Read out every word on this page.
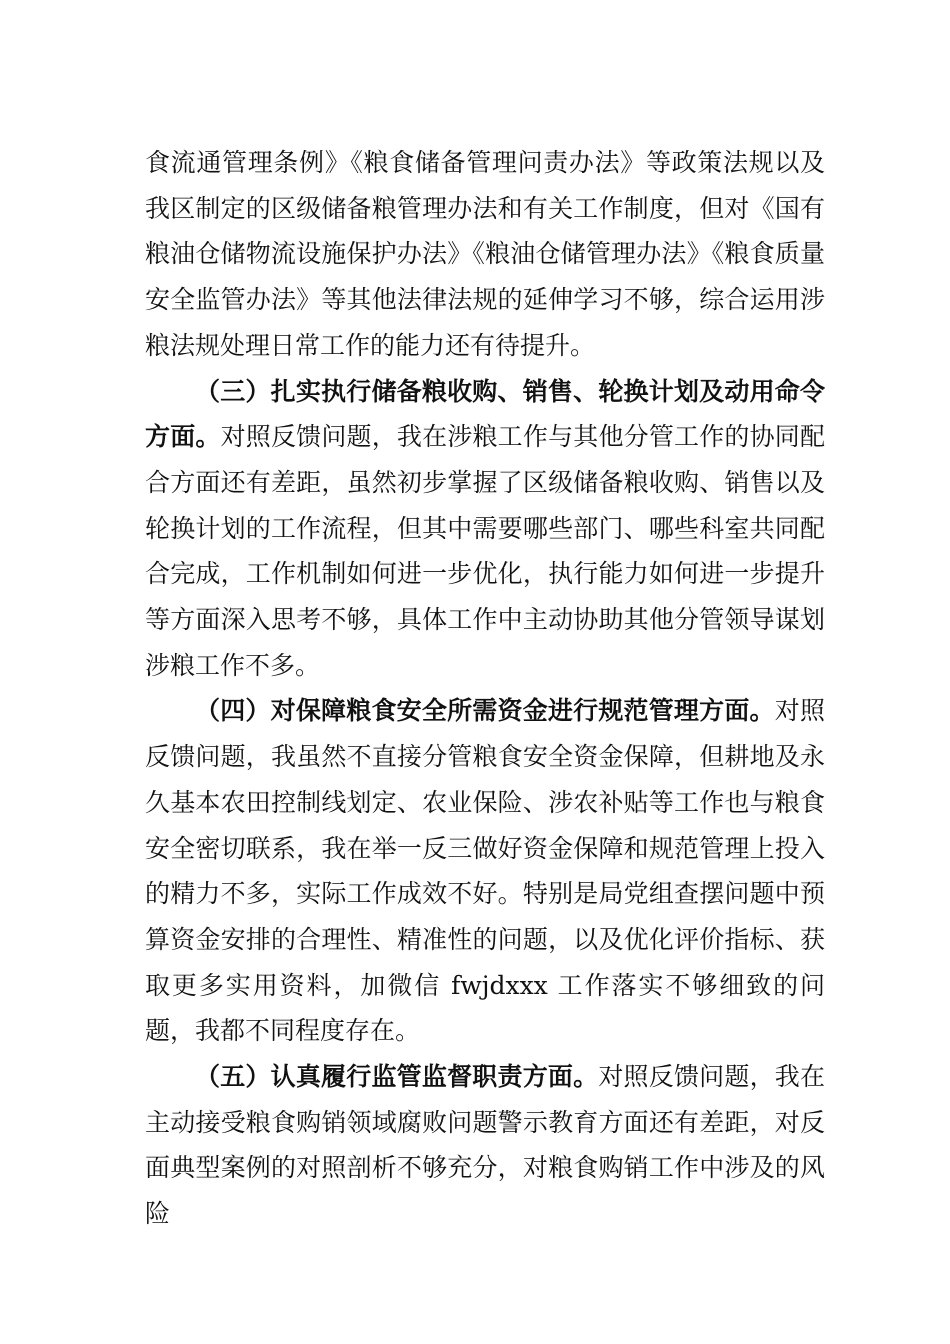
食流通管理条例》《粮食储备管理问责办法》等政策法规以及我区制定的区级储备粮管理办法和有关工作制度，但对《国有粮油仓储物流设施保护办法》《粮油仓储管理办法》《粮食质量安全监管办法》等其他法律法规的延伸学习不够，综合运用涉粮法规处理日常工作的能力还有待提升。

（三）扎实执行储备粮收购、销售、轮换计划及动用命令方面。对照反馈问题，我在涉粮工作与其他分管工作的协同配合方面还有差距，虽然初步掌握了区级储备粮收购、销售以及轮换计划的工作流程，但其中需要哪些部门、哪些科室共同配合完成，工作机制如何进一步优化，执行能力如何进一步提升等方面深入思考不够，具体工作中主动协助其他分管领导谋划涉粮工作不多。

（四）对保障粮食安全所需资金进行规范管理方面。对照反馈问题，我虽然不直接分管粮食安全资金保障，但耕地及永久基本农田控制线划定、农业保险、涉农补贴等工作也与粮食安全密切联系，我在举一反三做好资金保障和规范管理上投入的精力不多，实际工作成效不好。特别是局党组查摆问题中预算资金安排的合理性、精准性的问题，以及优化评价指标、获取更多实用资料，加微信 fwjdxxx 工作落实不够细致的问题，我都不同程度存在。

（五）认真履行监管监督职责方面。对照反馈问题，我在主动接受粮食购销领域腐败问题警示教育方面还有差距，对反面典型案例的对照剖析不够充分，对粮食购销工作中涉及的风险
